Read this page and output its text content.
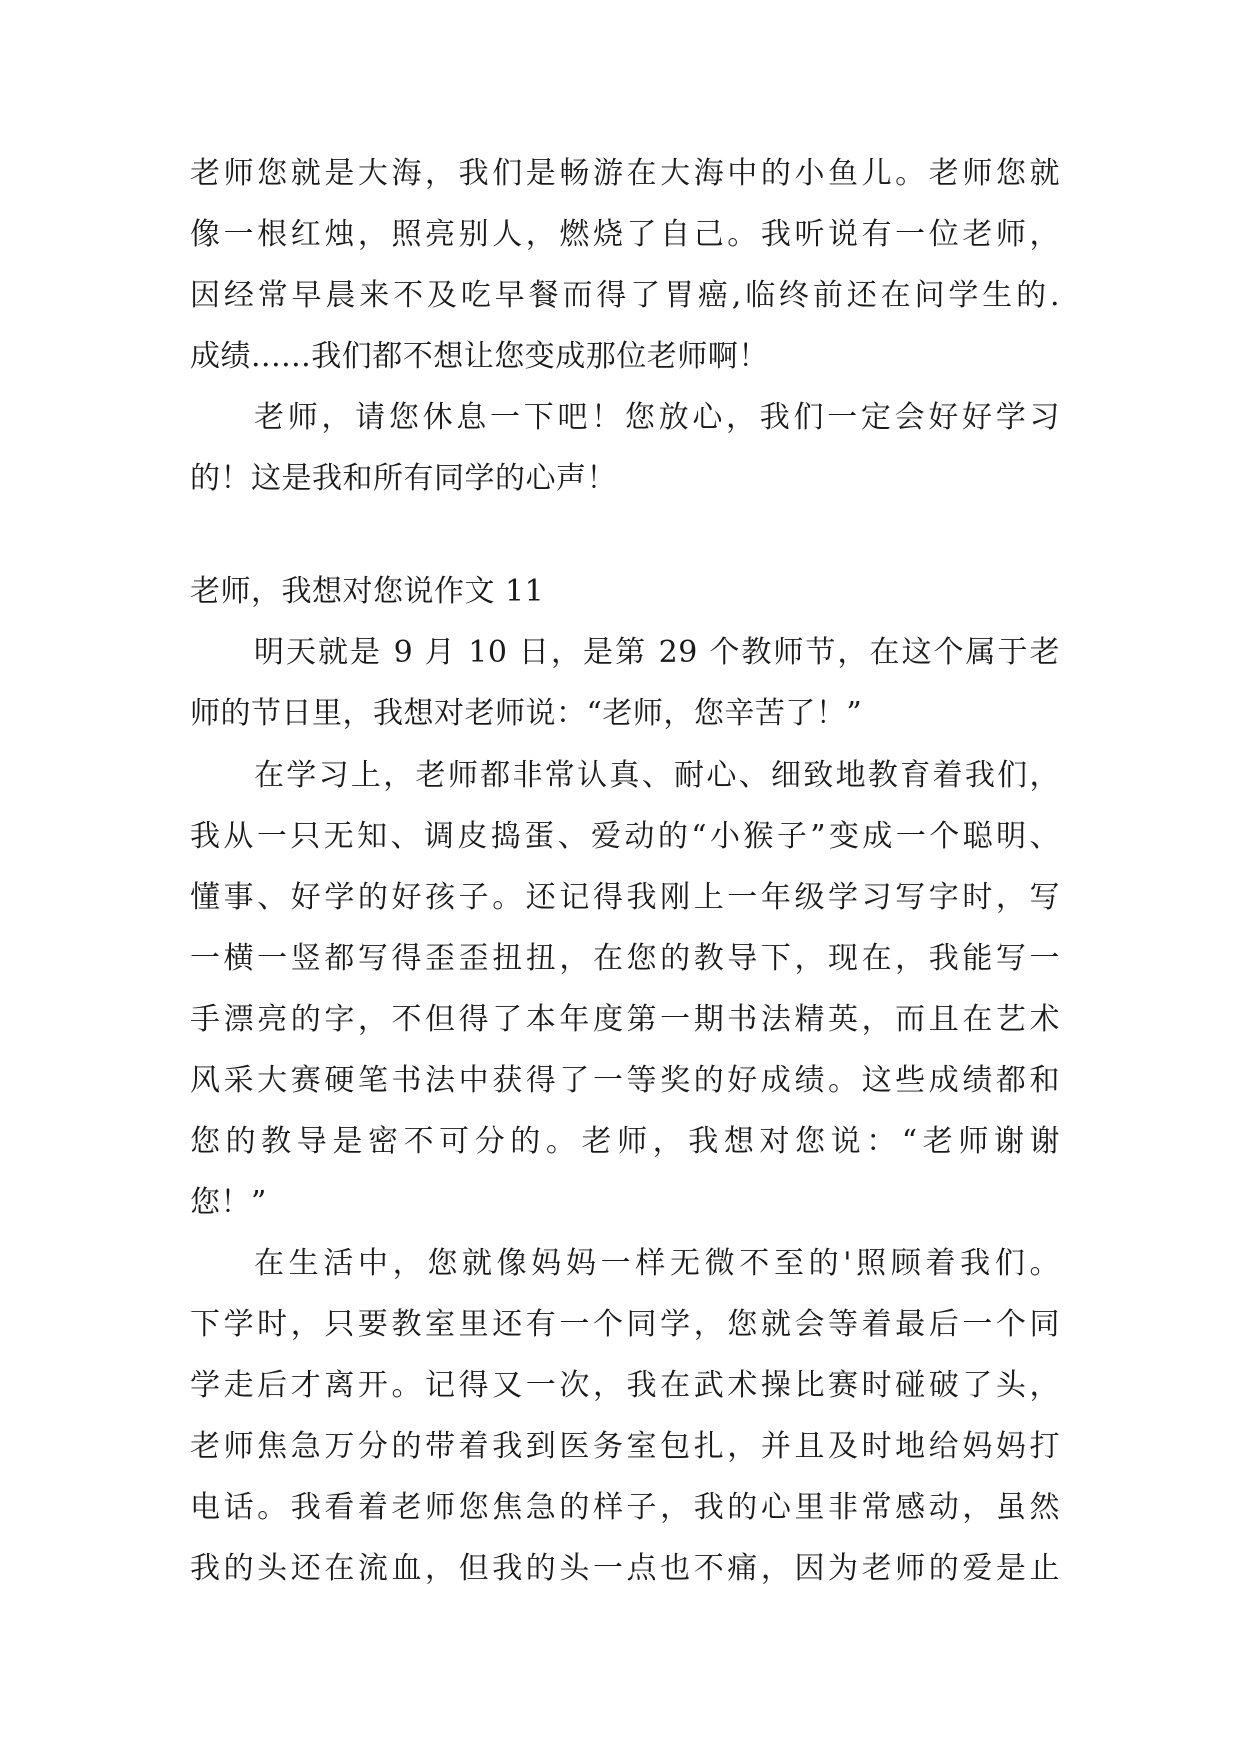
老师您就是大海，我们是畅游在大海中的小鱼儿。老师您就
像一根红烛，照亮别人，燃烧了自己。我听说有一位老师，
因经常早晨来不及吃早餐而得了胃癌,临终前还在问学生的.
成绩......我们都不想让您变成那位老师啊！
老师，请您休息一下吧！您放心，我们一定会好好学习
的！这是我和所有同学的心声！
老师，我想对您说作文 11
明天就是 9 月 10 日，是第 29 个教师节，在这个属于老
师的节日里，我想对老师说：“老师，您辛苦了！”
在学习上，老师都非常认真、耐心、细致地教育着我们，
我从一只无知、调皮捣蛋、爱动的“小猴子”变成一个聪明、
懂事、好学的好孩子。还记得我刚上一年级学习写字时，写
一横一竖都写得歪歪扭扭，在您的教导下，现在，我能写一
手漂亮的字，不但得了本年度第一期书法精英，而且在艺术
风采大赛硬笔书法中获得了一等奖的好成绩。这些成绩都和
您的教导是密不可分的。老师，我想对您说：“老师谢谢
您！”
在生活中，您就像妈妈一样无微不至的'照顾着我们。
下学时，只要教室里还有一个同学，您就会等着最后一个同
学走后才离开。记得又一次，我在武术操比赛时碰破了头，
老师焦急万分的带着我到医务室包扎，并且及时地给妈妈打
电话。我看着老师您焦急的样子，我的心里非常感动，虽然
我的头还在流血，但我的头一点也不痛，因为老师的爱是止
